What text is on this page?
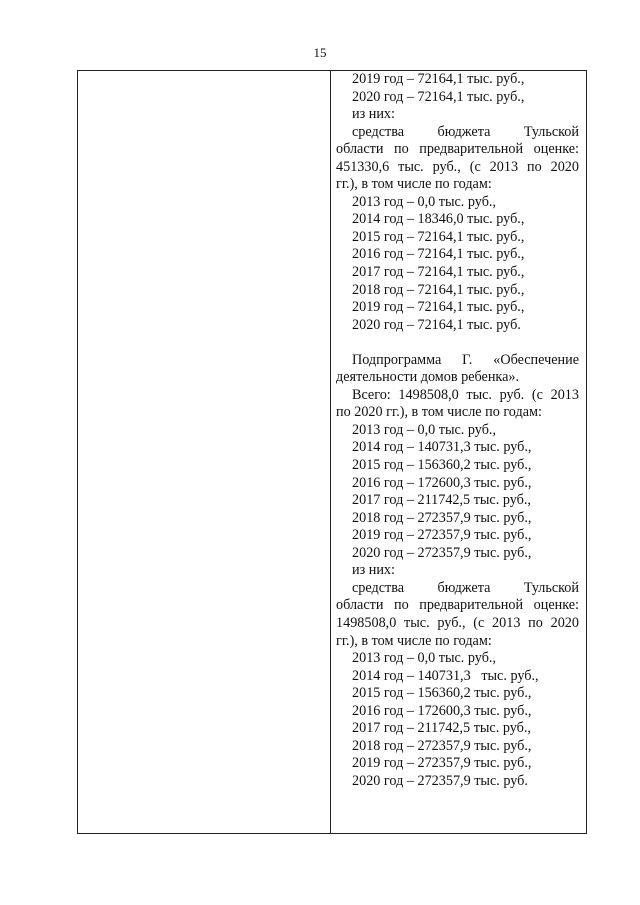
15
2019 год – 72164,1 тыс. руб.,
2020 год – 72164,1 тыс. руб.,
из них:
средства бюджета Тульской
области по предварительной оценке:
451330,6 тыс. руб., (с 2013 по 2020
гг.), в том числе по годам:
2013 год – 0,0 тыс. руб.,
2014 год – 18346,0 тыс. руб.,
2015 год – 72164,1 тыс. руб.,
2016 год – 72164,1 тыс. руб.,
2017 год – 72164,1 тыс. руб.,
2018 год – 72164,1 тыс. руб.,
2019 год – 72164,1 тыс. руб.,
2020 год – 72164,1 тыс. руб.
Подпрограмма Г. «Обеспечение
деятельности домов ребенка».
Всего: 1498508,0 тыс. руб. (с 2013
по 2020 гг.), в том числе по годам:
2013 год – 0,0 тыс. руб.,
2014 год – 140731,3 тыс. руб.,
2015 год – 156360,2 тыс. руб.,
2016 год – 172600,3 тыс. руб.,
2017 год – 211742,5 тыс. руб.,
2018 год – 272357,9 тыс. руб.,
2019 год – 272357,9 тыс. руб.,
2020 год – 272357,9 тыс. руб.,
из них:
средства бюджета Тульской
области по предварительной оценке:
1498508,0 тыс. руб., (с 2013 по 2020
гг.), в том числе по годам:
2013 год – 0,0 тыс. руб.,
2014 год – 140731,3   тыс. руб.,
2015 год – 156360,2 тыс. руб.,
2016 год – 172600,3 тыс. руб.,
2017 год – 211742,5 тыс. руб.,
2018 год – 272357,9 тыс. руб.,
2019 год – 272357,9 тыс. руб.,
2020 год – 272357,9 тыс. руб.
